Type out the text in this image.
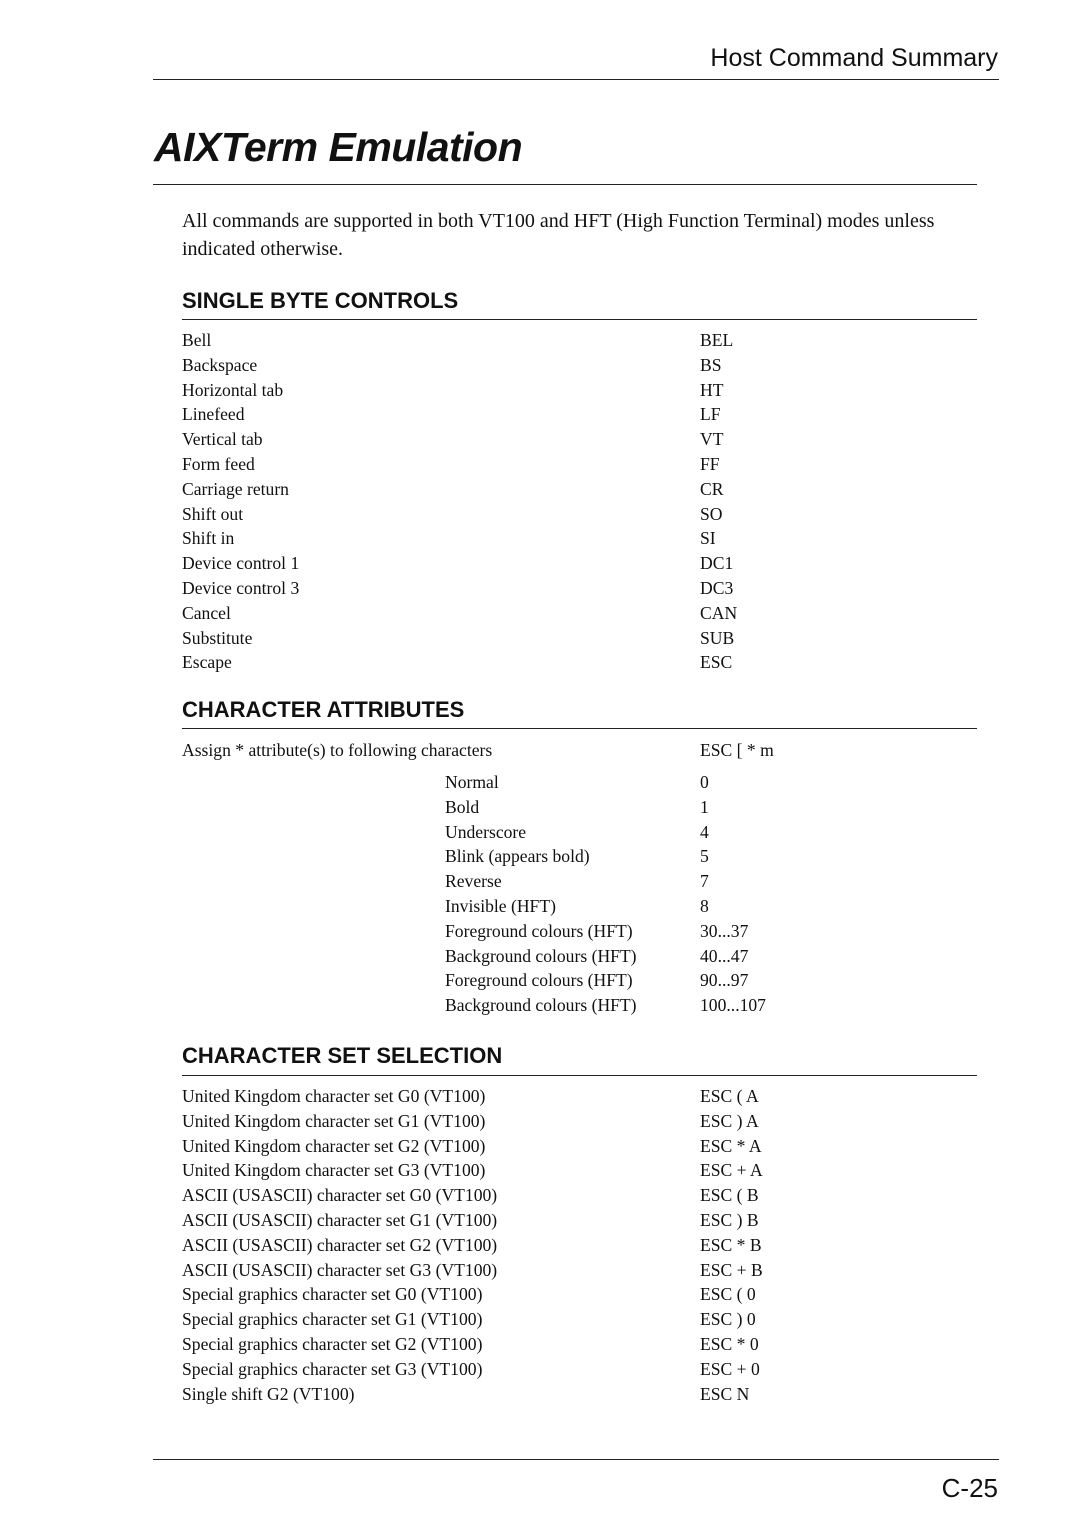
Host Command Summary
AIXTerm Emulation
All commands are supported in both VT100 and HFT (High Function Terminal) modes unless indicated otherwise.
SINGLE BYTE CONTROLS
Bell	BEL
Backspace	BS
Horizontal tab	HT
Linefeed	LF
Vertical tab	VT
Form feed	FF
Carriage return	CR
Shift out	SO
Shift in	SI
Device control 1	DC1
Device control 3	DC3
Cancel	CAN
Substitute	SUB
Escape	ESC
CHARACTER ATTRIBUTES
Assign * attribute(s) to following characters	ESC [ * m
Normal	0
Bold	1
Underscore	4
Blink (appears bold)	5
Reverse	7
Invisible (HFT)	8
Foreground colours (HFT)	30...37
Background colours (HFT)	40...47
Foreground colours (HFT)	90...97
Background colours (HFT)	100...107
CHARACTER SET SELECTION
United Kingdom character set G0 (VT100)	ESC ( A
United Kingdom character set G1 (VT100)	ESC ) A
United Kingdom character set G2 (VT100)	ESC * A
United Kingdom character set G3 (VT100)	ESC + A
ASCII (USASCII) character set G0 (VT100)	ESC ( B
ASCII (USASCII) character set G1 (VT100)	ESC ) B
ASCII (USASCII) character set G2 (VT100)	ESC * B
ASCII (USASCII) character set G3 (VT100)	ESC + B
Special graphics character set G0 (VT100)	ESC ( 0
Special graphics character set G1 (VT100)	ESC ) 0
Special graphics character set G2 (VT100)	ESC * 0
Special graphics character set G3 (VT100)	ESC + 0
Single shift G2 (VT100)	ESC N
C-25
